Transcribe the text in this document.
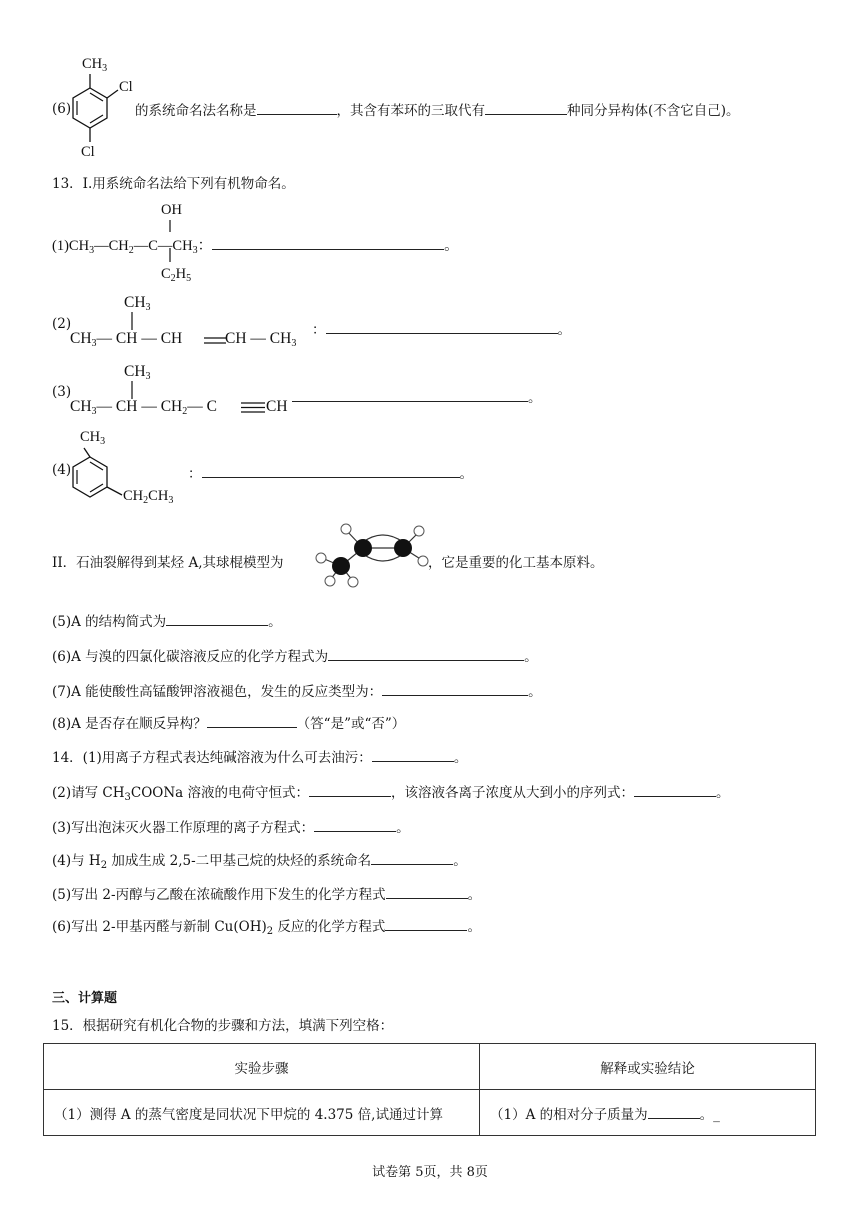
$CH_3$
Cl
Cl
(6)	的系统命名法名称是	，其含有苯环的三取代有	种同分异构体(不含它自己)。
13．I.用系统命名法给下列有机物命名。
OH
$(1)CH_3—CH_2—C—CH_3$：	。
$C_2H_5$
$CH_3$
(2)
$CH_3—$ CH — CH	CH — $CH_3$
：	。
$CH_3$
(3)
$CH_3—$ CH — $CH_2—$ C	CH	。
$CH_3$
(4)
$CH_2CH_3$
：	。
II．石油裂解得到某烃 A,其球棍模型为	，它是重要的化工基本原料。
(5)A 的结构简式为	。
(6)A 与溴的四氯化碳溶液反应的化学方程式为	。
(7)A 能使酸性高锰酸钾溶液褪色，发生的反应类型为：	。
(8)A 是否存在顺反异构？	（答“是”或“否”）
14．(1)用离子方程式表达纯碱溶液为什么可去油污：	。
(2)请写 $CH_3COONa$ 溶液的电荷守恒式：	，该溶液各离子浓度从大到小的序列式：	。
(3)写出泡沫灭火器工作原理的离子方程式：	。
(4)与 $H_2$ 加成生成 2,5-二甲基己烷的炔烃的系统命名	。
(5)写出 2-丙醇与乙酸在浓硫酸作用下发生的化学方程式	。
(6)写出 2-甲基丙醛与新制 $Cu(OH)_2$ 反应的化学方程式	。
三、计算题
15．根据研究有机化合物的步骤和方法，填满下列空格：
实验步骤	解释或实验结论
（1）测得 A 的蒸气密度是同状况下甲烷的 4.375 倍,试通过计算	（1）A 的相对分子质量为 。_
试卷第 5页，共 8页
